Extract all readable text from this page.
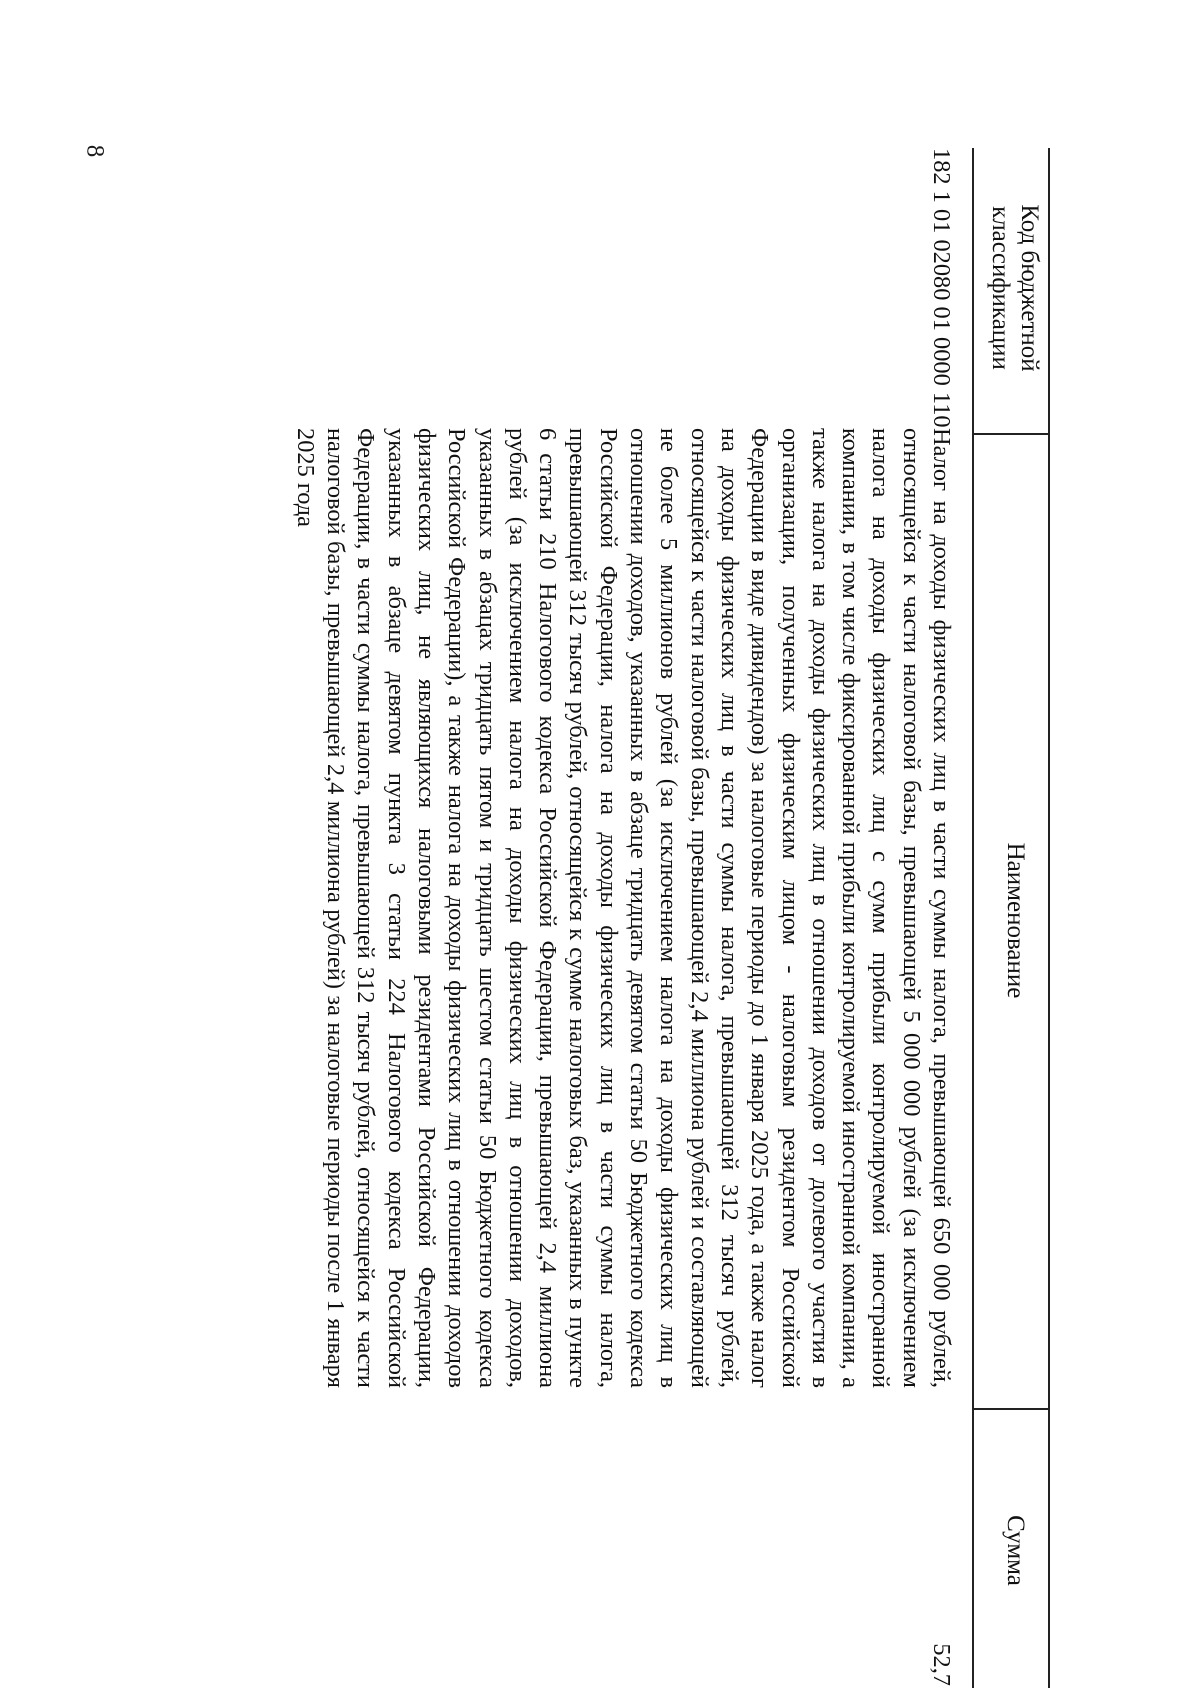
8
Код бюджетной классификации
Наименование
Сумма
182 1 01 02080 01 0000 110
Налог на доходы физических лиц в части суммы налога, превышающей 650 000 рублей, относящейся к части налоговой базы, превышающей 5 000 000 рублей (за исключением налога на доходы физических лиц с сумм прибыли контролируемой иностранной компании, в том числе фиксированной прибыли контролируемой иностранной компании, а также налога на доходы физических лиц в отношении доходов от долевого участия в организации, полученных физическим лицом - налоговым резидентом Российской Федерации в виде дивидендов) за налоговые периоды до 1 января 2025 года, а также налог на доходы физических лиц в части суммы налога, превышающей 312 тысяч рублей, относящейся к части налоговой базы, превышающей 2,4 миллиона рублей и составляющей не более 5 миллионов рублей (за исключением налога на доходы физических лиц в отношении доходов, указанных в абзаце тридцать девятом статьи 50 Бюджетного кодекса Российской Федерации, налога на доходы физических лиц в части суммы налога, превышающей 312 тысяч рублей, относящейся к сумме налоговых баз, указанных в пункте 6 статьи 210 Налогового кодекса Российской Федерации, превышающей 2,4 миллиона рублей (за исключением налога на доходы физических лиц в отношении доходов, указанных в абзацах тридцать пятом и тридцать шестом статьи 50 Бюджетного кодекса Российской Федерации), а также налога на доходы физических лиц в отношении доходов физических лиц, не являющихся налоговыми резидентами Российской Федерации, указанных в абзаце девятом пункта 3 статьи 224 Налогового кодекса Российской Федерации, в части суммы налога, превышающей 312 тысяч рублей, относящейся к части налоговой базы, превышающей 2,4 миллиона рублей) за налоговые периоды после 1 января 2025 года
52,7
